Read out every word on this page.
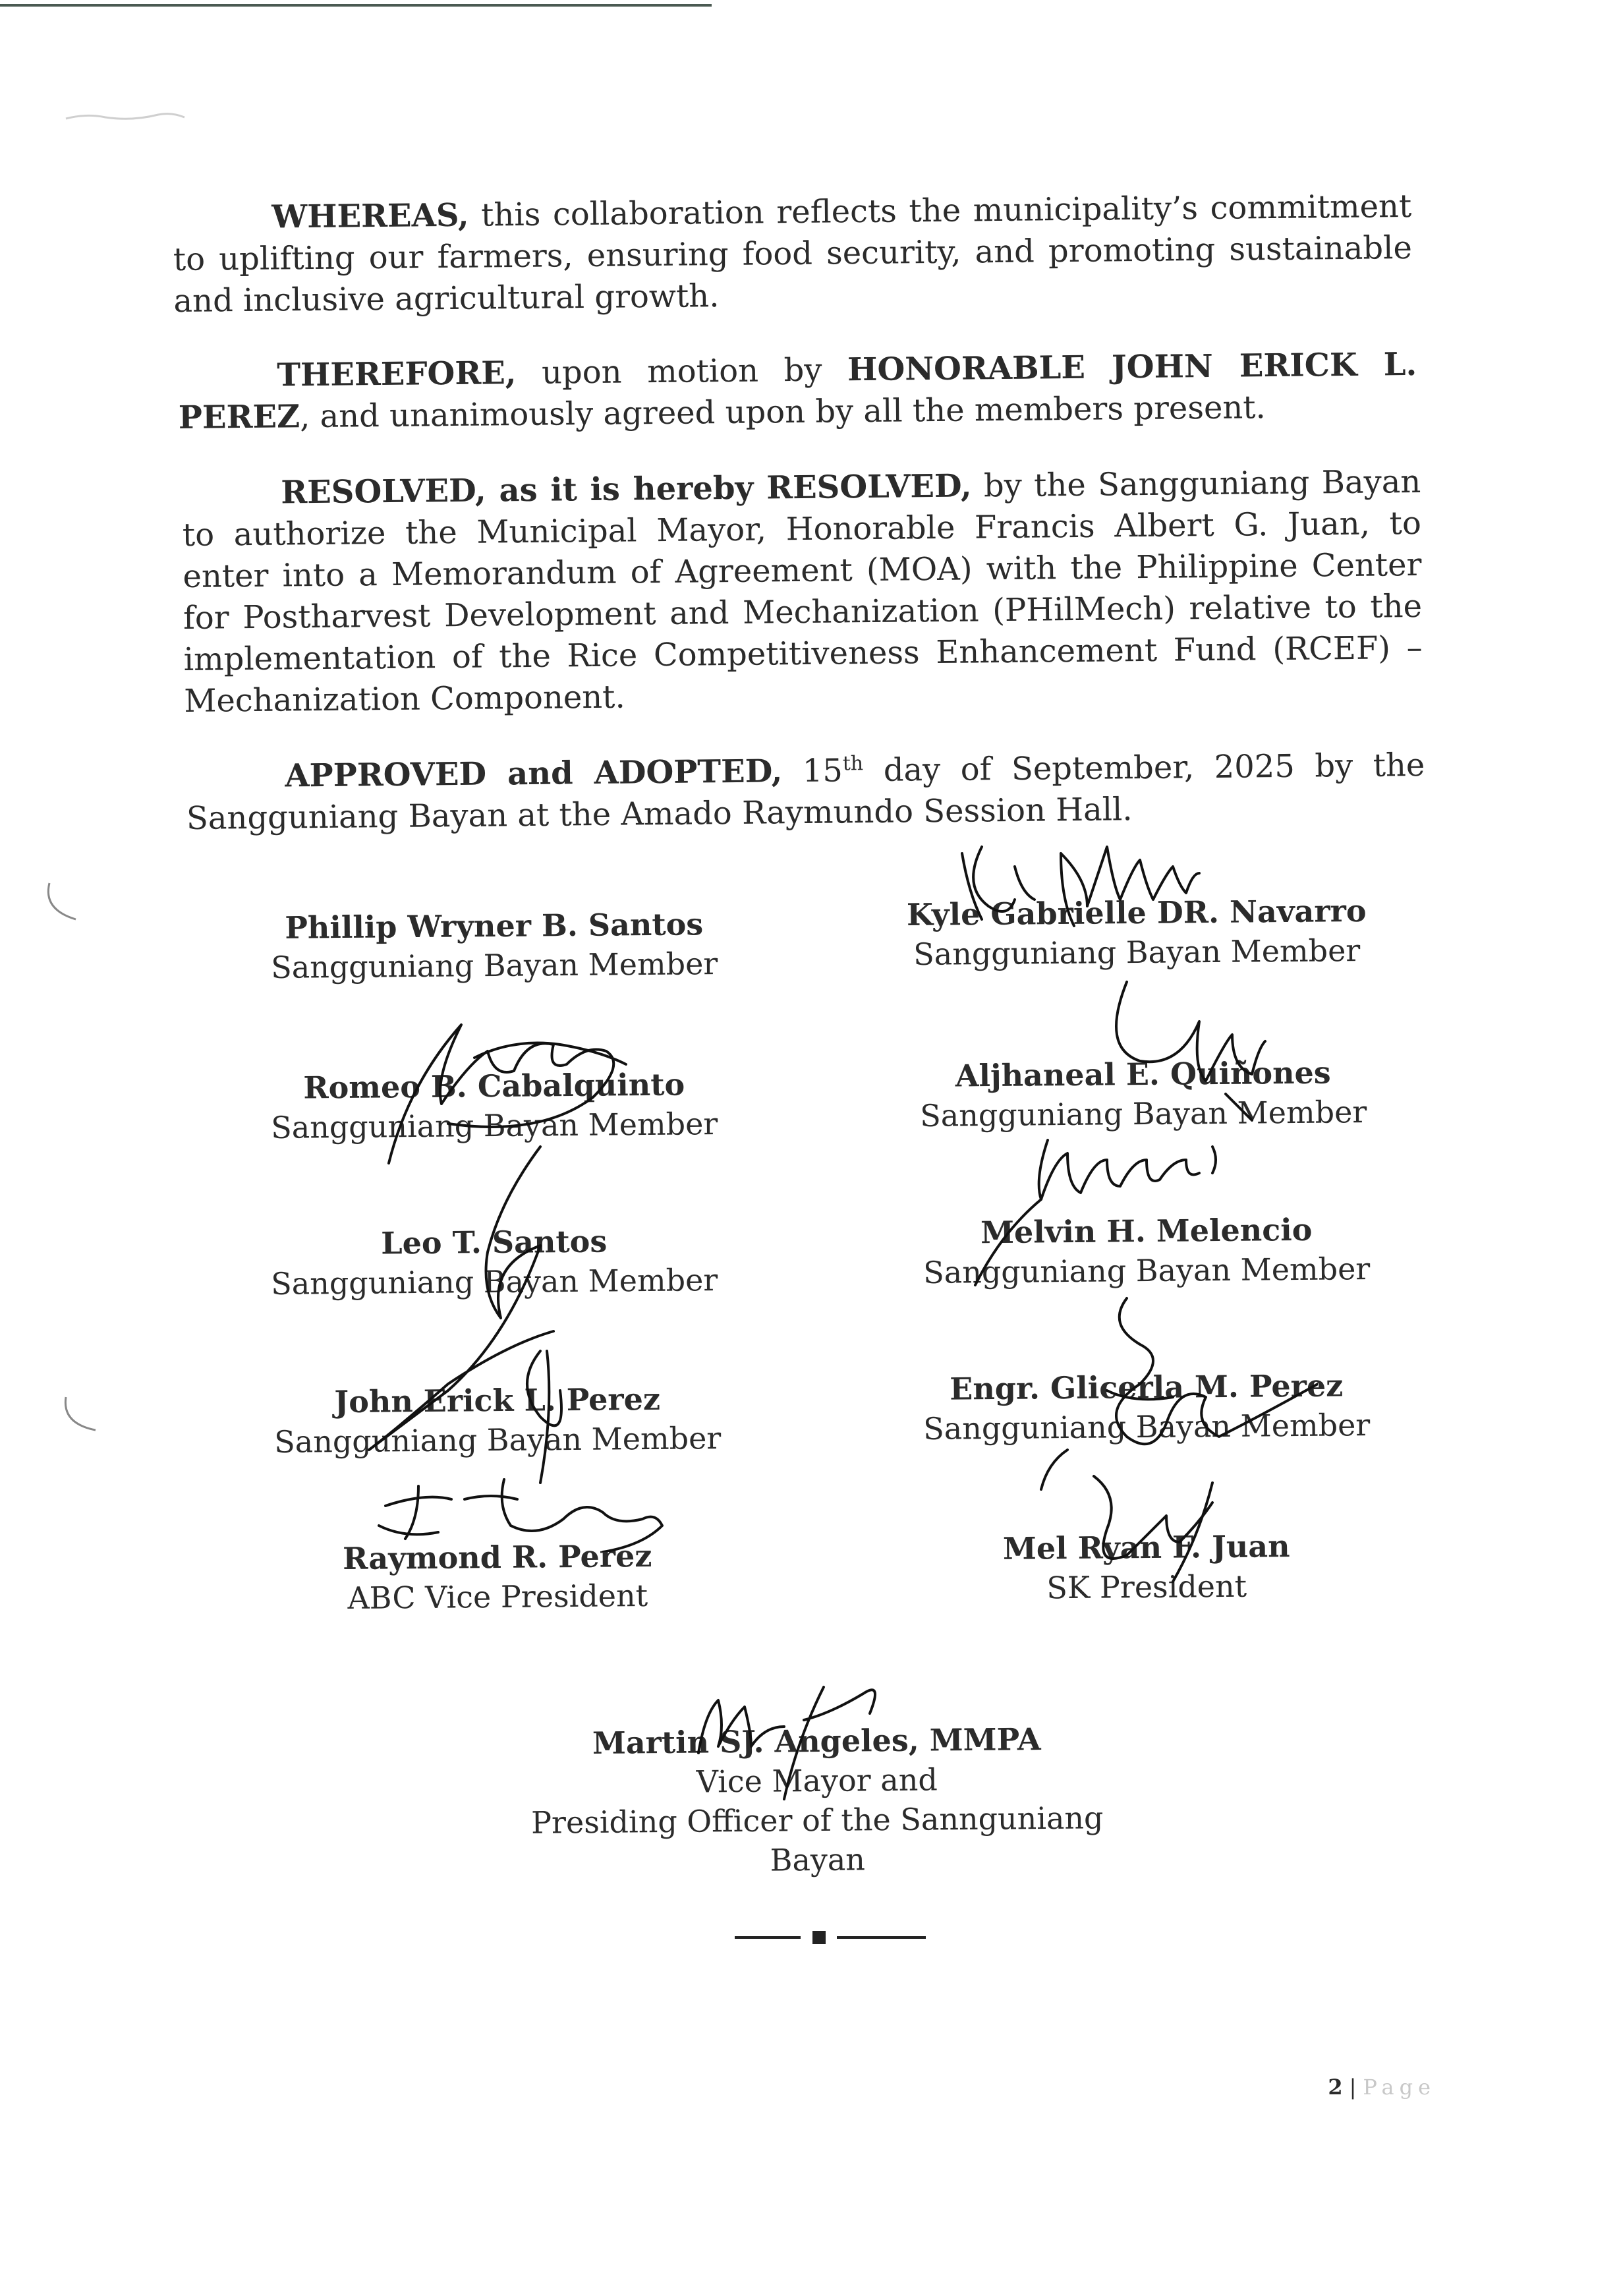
WHEREAS, this collaboration reflects the municipality’s commitment to uplifting our farmers, ensuring food security, and promoting sustainable and inclusive agricultural growth.
THEREFORE, upon motion by HONORABLE JOHN ERICK L. PEREZ, and unanimously agreed upon by all the members present.
RESOLVED, as it is hereby RESOLVED, by the Sangguniang Bayan to authorize the Municipal Mayor, Honorable Francis Albert G. Juan, to enter into a Memorandum of Agreement (MOA) with the Philippine Center for Postharvest Development and Mechanization (PHilMech) relative to the implementation of the Rice Competitiveness Enhancement Fund (RCEF) – Mechanization Component.
APPROVED and ADOPTED, 15th day of September, 2025 by the Sangguniang Bayan at the Amado Raymundo Session Hall.
Phillip Wryner B. Santos
Sangguniang Bayan Member
Romeo B. Cabalquinto
Sangguniang Bayan Member
Leo T. Santos
Sangguniang Bayan Member
John Erick L. Perez
Sangguniang Bayan Member
Raymond R. Perez
ABC Vice President
Kyle Gabrielle DR. Navarro
Sangguniang Bayan Member
Aljhaneal E. Quiñones
Sangguniang Bayan Member
Melvin H. Melencio
Sangguniang Bayan Member
Engr. Glicerla M. Perez
Sangguniang Bayan Member
Mel Ryan F. Juan
SK President
Martin SJ. Angeles, MMPA
Vice Mayor and
Presiding Officer of the Sannguniang Bayan
2 | Page
